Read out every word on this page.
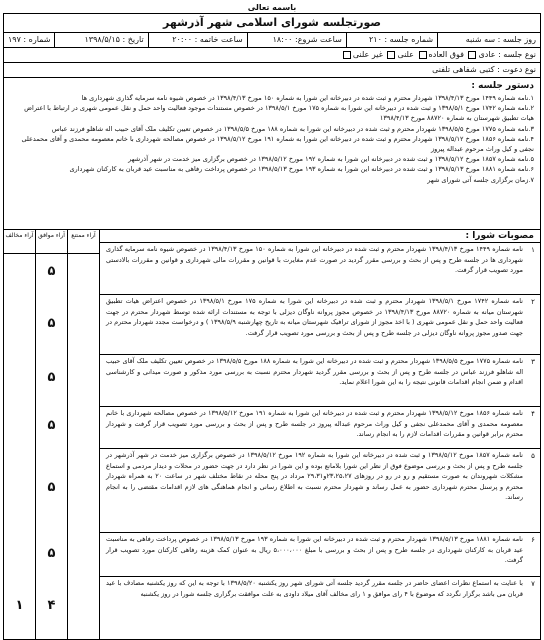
باسمه تعالی
صورتجلسه شورای اسلامی شهر آذرشهر
روز جلسه : سه شنبه
شماره جلسه : ۲۱۰
ساعت شروع: ۱۸:۰۰
ساعت خاتمه : ۲۰:۰۰
تاریخ : ۱۳۹۸/۵/۱۵
شماره : ۱۹۷
نوع جلسه : عادی فوق العاده علنی غیر علنی
نوع دعوت : کتبی شفاهی تلفنی
دستور جلسه :
۱.نامه شماره ۱۴۴۹ مورخ ۱۳۹۸/۴/۱۳ شهردار محترم و ثبت شده در دبیرخانه این شورا به شماره ۱۵۰ مورخ ۱۳۹۸/۴/۱۳ در خصوص شیوه نامه سرمایه گذاری شهرداری ها
۲.نامه شماره ۱۷۴۲ مورخ ۱۳۹۸/۵/۱ و ثبت شده در دبیرخانه این شورا به شماره ۱۷۵ مورخ ۱۳۹۸/۵/۱ در خصوص مستندات موجود فعالیت واحد حمل و نقل عمومی شهری در ارتباط با اعتراض
هیات تطبیق شهرستان به شماره ۸۸۷۲۰ مورخ ۱۳۹۸/۴/۱۳
۳.نامه شماره ۱۷۷۵ مورخ ۱۳۹۸/۵/۵ شهردار محترم و ثبت شده در دبیرخانه این شورا به شماره ۱۸۸ مورخ ۱۳۹۸/۵/۵ در خصوص تعیین تکلیف ملک آقای حبیب اله شاهلو فرزند عباس
۴.نامه شماره ۱۸۵۶ مورخ ۱۳۹۸/۵/۱۲ شهردار محترم و ثبت شده در دبیرخانه این شورا به شماره ۱۹۱ مورخ ۱۳۹۸/۵/۱۲ در خصوص مصالحه شهرداری با خانم معصومه محمدی و آقای محمدعلی
نجفی و کیل وراث مرحوم عبداله پیروز
۵.نامه شماره ۱۸۵۷ مورخ ۱۳۹۸/۵/۱۲ و ثبت شده در دبیرخانه این شورا به شماره ۱۹۲ مورخ ۱۳۹۸/۵/۱۲ در خصوص برگزاری میز خدمت در شهر آذرشهر
۶.نامه شماره ۱۸۸۱ مورخ ۱۳۹۸/۵/۱۳ و ثبت شده در دبیرخانه این شورا به شماره ۱۹۳ مورخ ۱۳۹۸/۵/۱۳ در خصوص پرداخت رفاهی به مناسبت عید قربان به کارکنان شهرداری
۷.زمان برگزاری جلسه آتی شورای شهر
مصوبات شورا :
۱
نامه شماره ۱۴۴۹ مورخ ۱۳۹۸/۴/۱۳ شهردار محترم و ثبت شده در دبیرخانه این شورا به شماره ۱۵۰ مورخ ۱۳۹۸/۴/۱۳ در خصوص شیوه نامه سرمایه گذاری شهرداری ها در جلسه طرح و پس از بحث و بررسی مقرر گردید در صورت عدم مغایرت با قوانین و مقررات مالی شهرداری و قوانین و مقررات بالادستی مورد تصویب قرار گرفت.
۲
نامه شماره ۱۷۴۲ مورخ ۱۳۹۸/۵/۱ شهردار محترم و ثبت شده در دبیرخانه این شورا به شماره ۱۷۵ مورخ ۱۳۹۸/۵/۱ در خصوص اعتراض هیات تطبیق شهرستان میانه به شماره ۸۸۷۲۰ مورخ ۱۳۹۸/۴/۱۳ در خصوص مجوز پروانه ناوگان دیزلی با توجه به مستندات ارائه شده توسط شهردار محترم در جهت فعالیت واحد حمل و نقل عمومی شهری ( با اخذ مجوز از شورای ترافیک شهرستان میانه به تاریخ چهارشنبه ۱۳۹۸/۵/۹ ) و درخواست مجدد شهردار محترم در جهت صدور مجوز پروانه ناوگان دیزلی در جلسه طرح و پس از بحث و بررسی مورد تصویب قرار گرفت.
۳
نامه شماره ۱۷۷۵ مورخ ۱۳۹۸/۵/۵ شهردار محترم و ثبت شده در دبیرخانه این شورا به شماره ۱۸۸ مورخ ۱۳۹۸/۵/۵ در خصوص تعیین تکلیف ملک آقای حبیب اله شاهلو فرزند عباس در جلسه طرح و پس از بحث و بررسی مقرر گردید شهردار محترم نسبت به بررسی مورد مذکور و صورت میدانی و کارشناسی اقدام و ضمن انجام اقدامات قانونی نتیجه را به این شورا اعلام نماید.
۴
نامه شماره ۱۸۵۶ مورخ ۱۳۹۸/۵/۱۲ شهردار محترم و ثبت شده در دبیرخانه این شورا به شماره ۱۹۱ مورخ ۱۳۹۸/۵/۱۲ در خصوص مصالحه شهرداری با خانم معصومه محمدی و آقای محمدعلی نجفی و کیل وراث مرحوم عبداله پیروز در جلسه طرح و پس از بحث و بررسی مورد تصویب قرار گرفت و شهردار محترم برابر قوانین و مقررات اقدامات لازم را به انجام رساند.
۵
نامه شماره ۱۸۵۷ مورخ ۱۳۹۸/۵/۱۲ و ثبت شده در دبیرخانه این شورا به شماره ۱۹۲ مورخ ۱۳۹۸/۵/۱۲ در خصوص برگزاری میز خدمت در شهر آذرشهر در جلسه طرح و پس از بحث و بررسی موضوع فوق از نظر این شورا بلامانع بوده و این شورا در نظر دارد در جهت حضور در محلات و دیدار مردمی و استماع مشکلات شهروندان به صورت مستقیم و رو در رو در روزهای ۲۳،۲۵،۲۷و۲۹،۳۱ مرداد در پنج محله در نقاط مختلف شهر در ساعت ۲۰ به همراه شهردار محترم و پرسنل محترم شهرداری حضور به عمل رساند و شهردار محترم نسبت به اطلاع رسانی و انجام هماهنگی های لازم اقدامات مقتضی را به انجام رساند.
۶
نامه شماره ۱۸۸۱ مورخ ۱۳۹۸/۵/۱۳ شهردار محترم و ثبت شده در دبیرخانه این شورا به شماره ۱۹۳ مورخ ۱۳۹۸/۵/۱۳ در خصوص پرداخت رفاهی به مناسبت عید قربان به کارکنان شهرداری در جلسه طرح و پس از بحث و بررسی با مبلغ ۵،۰۰۰،۰۰۰ ریال به عنوان کمک هزینه رفاهی کارکنان مورد تصویب قرار گرفت.
۷
با عنایت به استماع نظرات اعضای حاضر در جلسه مقرر گردید جلسه آتی شورای شهر روز یکشنبه ۱۳۹۸/۵/۲۰ با توجه به این که روز یکشنبه مصادف با عید قربان می باشد برگزار نگردد که موضوع با ۴ رای موافق و ۱ رای مخالف آقای میلاد داودی به علت موافقت برگزاری جلسه شورا در روز یکشنبه
آراء ممتنع
آراء موافق
۵
۵
۵
۵
۵
۵
۴
آراء مخالف
۱
